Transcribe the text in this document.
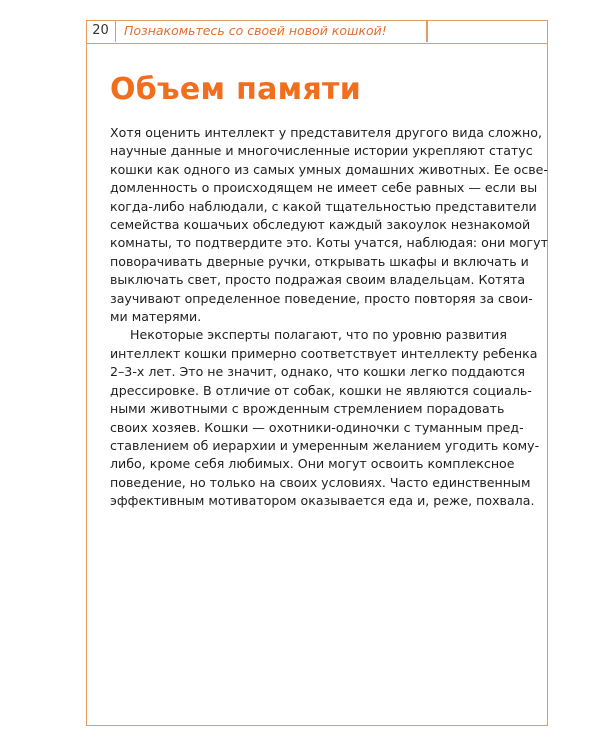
20	Познакомьтесь со своей новой кошкой!
Объем памяти
Хотя оценить интеллект у представителя другого вида сложно,
научные данные и многочисленные истории укрепляют статус
кошки как одного из самых умных домашних животных. Ее осве-
домленность о происходящем не имеет себе равных — если вы
когда-либо наблюдали, с какой тщательностью представители
семейства кошачьих обследуют каждый закоулок незнакомой
комнаты, то подтвердите это. Коты учатся, наблюдая: они могут
поворачивать дверные ручки, открывать шкафы и включать и
выключать свет, просто подражая своим владельцам. Котята
заучивают определенное поведение, просто повторяя за свои-
ми матерями.
Некоторые эксперты полагают, что по уровню развития
интеллект кошки примерно соответствует интеллекту ребенка
2–3-х лет. Это не значит, однако, что кошки легко поддаются
дрессировке. В отличие от собак, кошки не являются социаль-
ными животными с врожденным стремлением порадовать
своих хозяев. Кошки — охотники-одиночки с туманным пред-
ставлением об иерархии и умеренным желанием угодить кому-
либо, кроме себя любимых. Они могут освоить комплексное
поведение, но только на своих условиях. Часто единственным
эффективным мотиватором оказывается еда и, реже, похвала.
